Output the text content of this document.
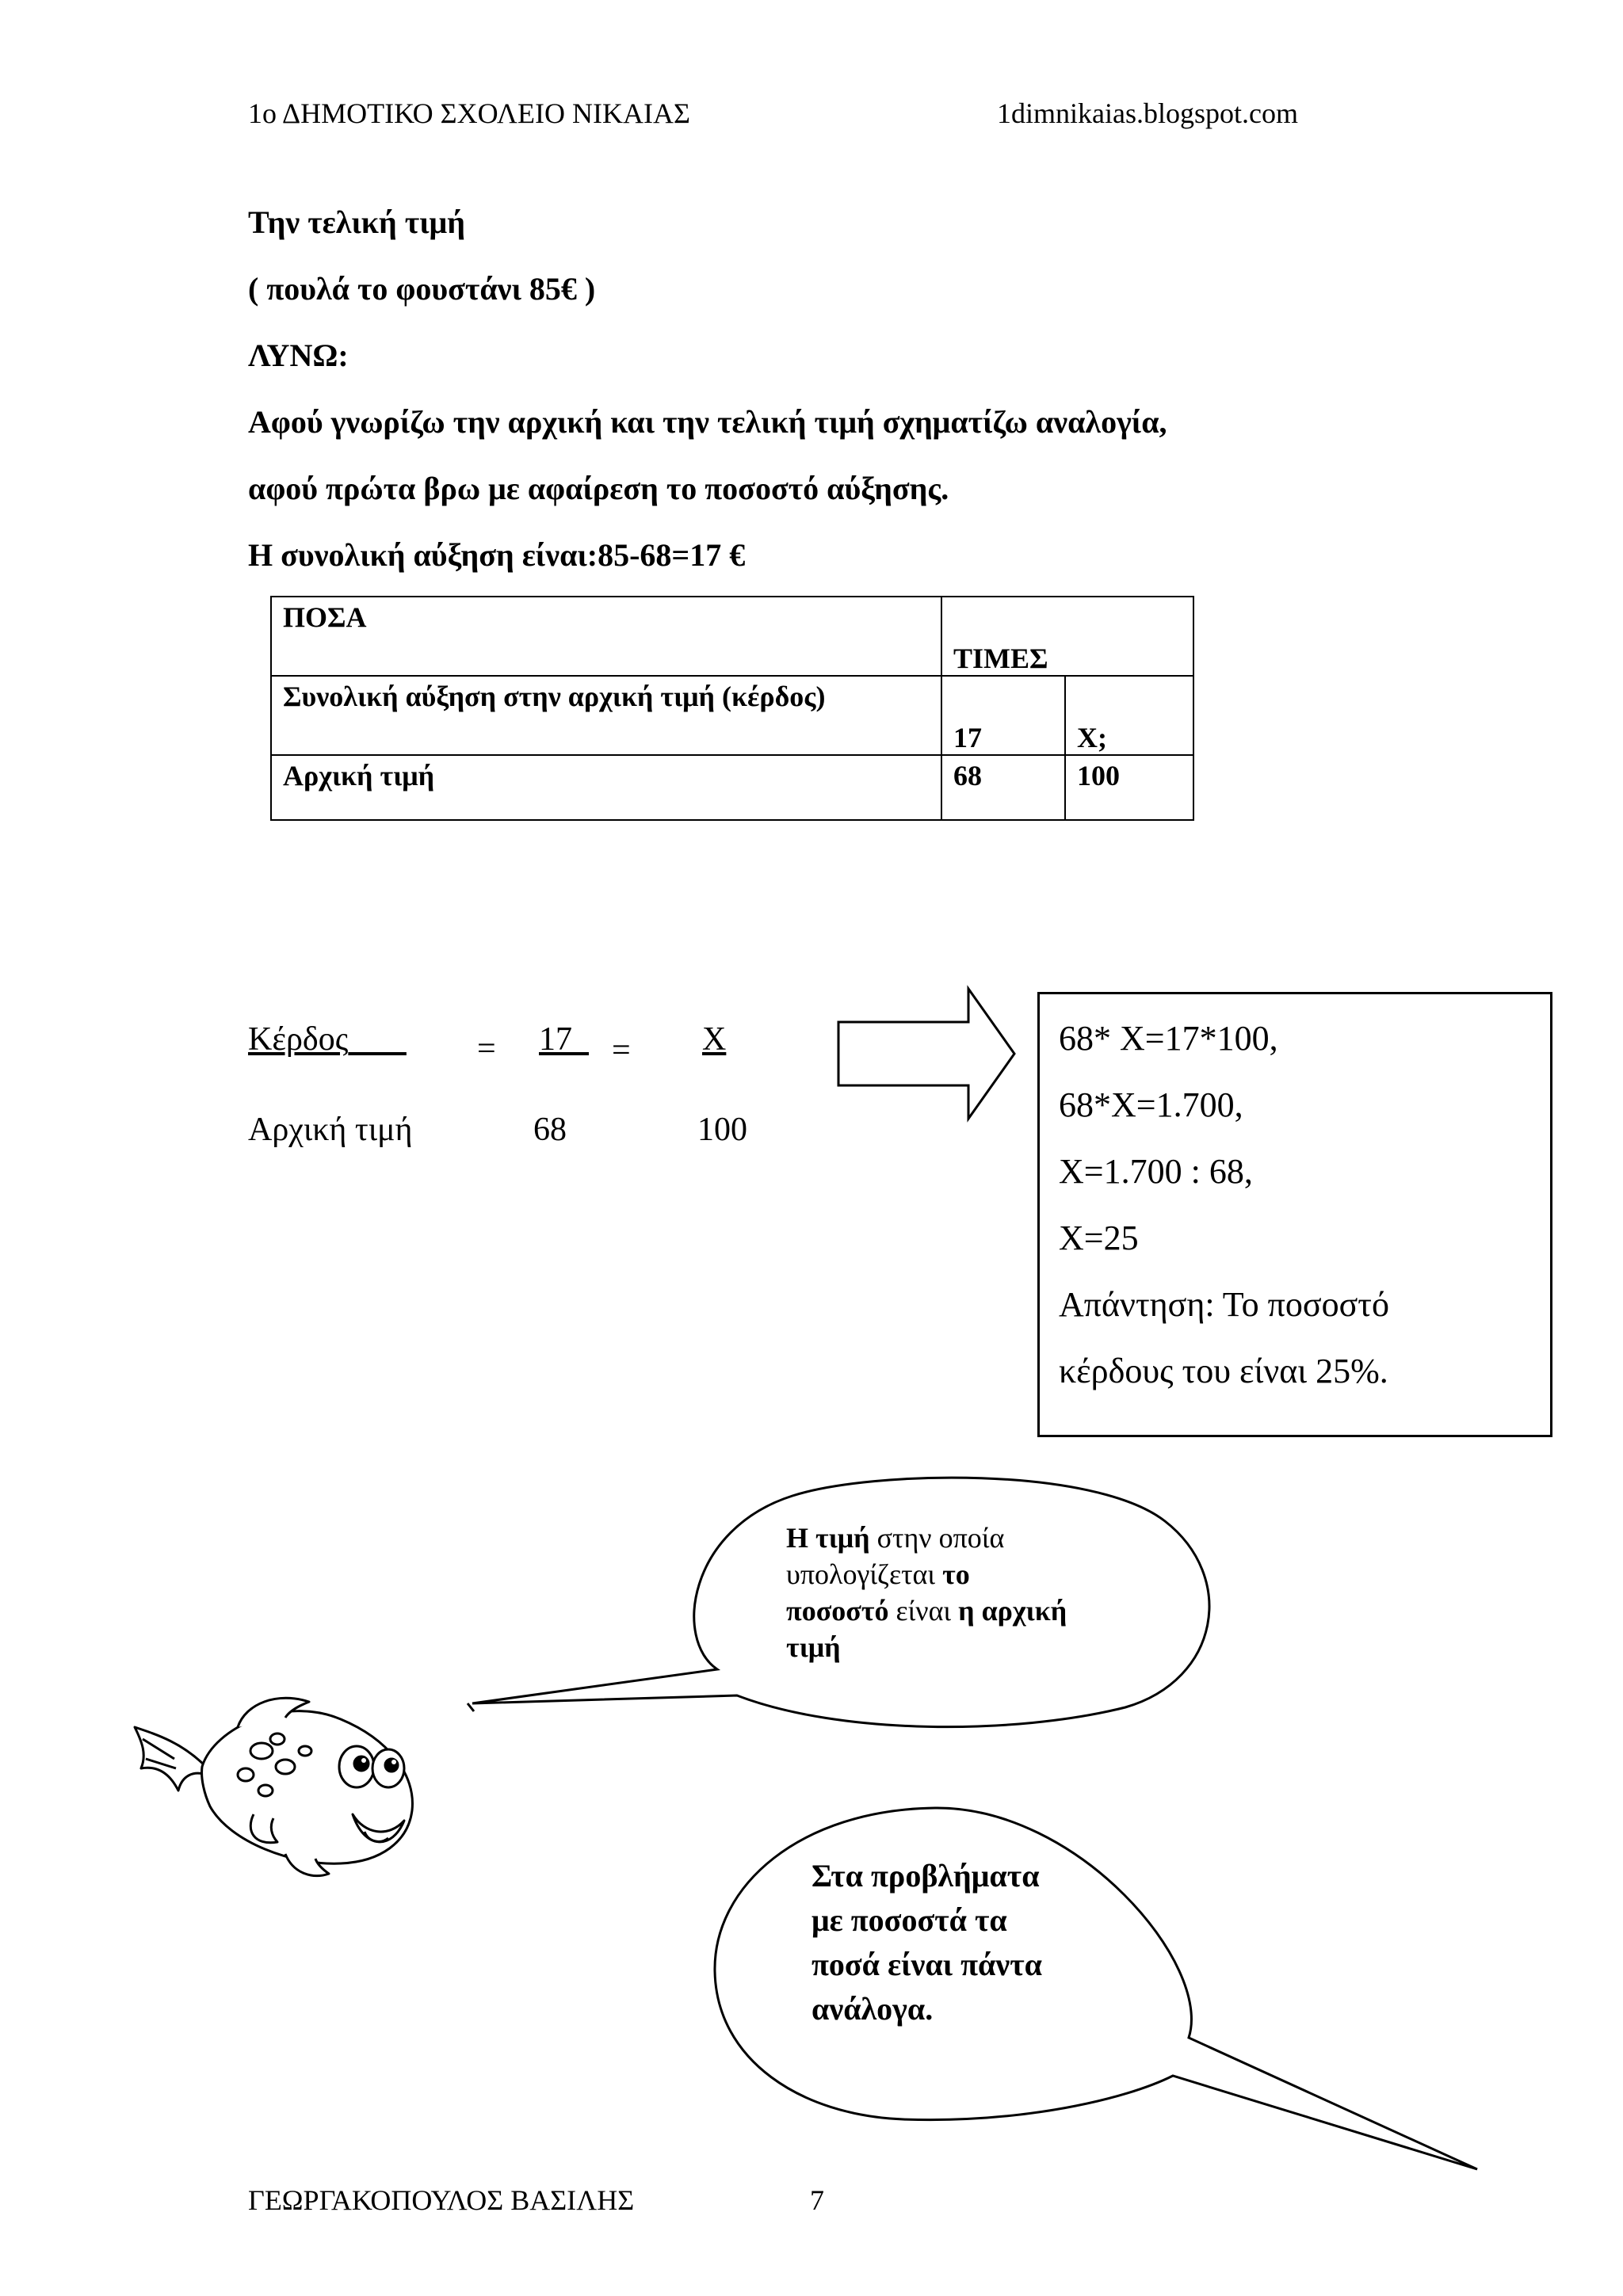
1ο ΔΗΜΟΤΙΚΟ ΣΧΟΛΕΙΟ ΝΙΚΑΙΑΣ	1dimnikaias.blogspot.com
Την τελική τιμή
( πουλά το φουστάνι 85€ )
ΛΥΝΩ:
Αφού γνωρίζω την αρχική και την τελική τιμή σχηματίζω αναλογία,
αφού πρώτα βρω με αφαίρεση το ποσοστό αύξησης.
Η συνολική αύξηση είναι:85-68=17 €
ΠΟΣΑ	ΤΙΜΕΣ	
Συνολική αύξηση στην αρχική τιμή (κέρδος)	17	Χ;
Αρχική τιμή	68	100
Κέρδος	= 17	= Χ
Αρχική τιμή	68	100
68* Χ=17*100,
68*Χ=1.700,
Χ=1.700 : 68,
Χ=25
Απάντηση: Το ποσοστό
κέρδους του είναι 25%.
Η τιμή στην οποία
υπολογίζεται το
ποσοστό είναι η αρχική
τιμή
Στα προβλήματα
με ποσοστά τα
ποσά είναι πάντα
ανάλογα.
ΓΕΩΡΓΑΚΟΠΟΥΛΟΣ ΒΑΣΙΛΗΣ	7
